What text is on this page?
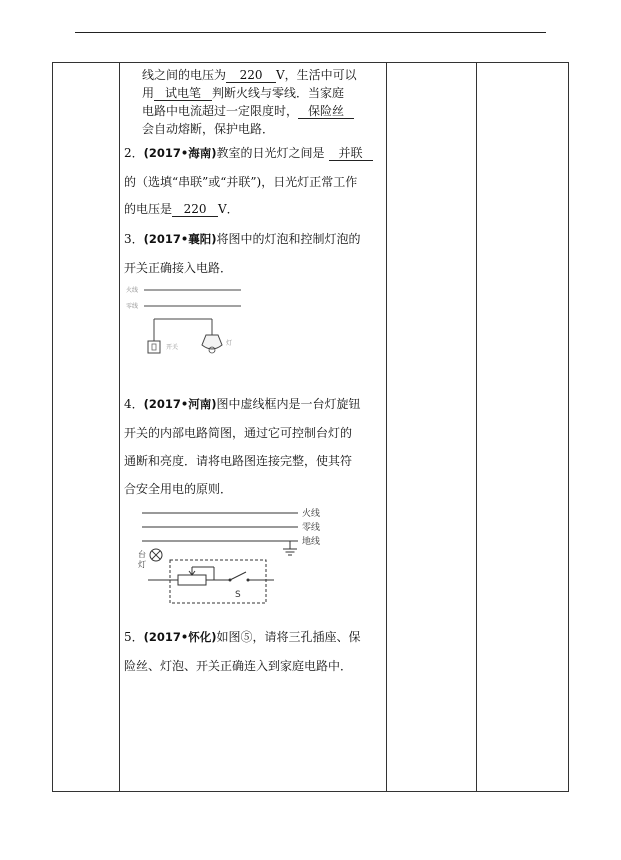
线之间的电压为 220 V，生活中可以
用 试电笔 判断火线与零线．当家庭
电路中电流超过一定限度时， 保险丝
会自动熔断，保护电路．
2．(2017•海南)教室的日光灯之间是 并联
的（选填“串联”或“并联”)，日光灯正常工作
的电压是 220 V．
3．(2017•襄阳)将图中的灯泡和控制灯泡的
开关正确接入电路．
火线
零线
开关
灯
4．(2017•河南)图中虚线框内是一台灯旋钮
开关的内部电路简图，通过它可控制台灯的
通断和亮度．请将电路图连接完整，使其符
合安全用电的原则．
火线
零线
地线
台
灯
S
5．(2017•怀化)如图⑤，请将三孔插座、保
险丝、灯泡、开关正确连入到家庭电路中．
